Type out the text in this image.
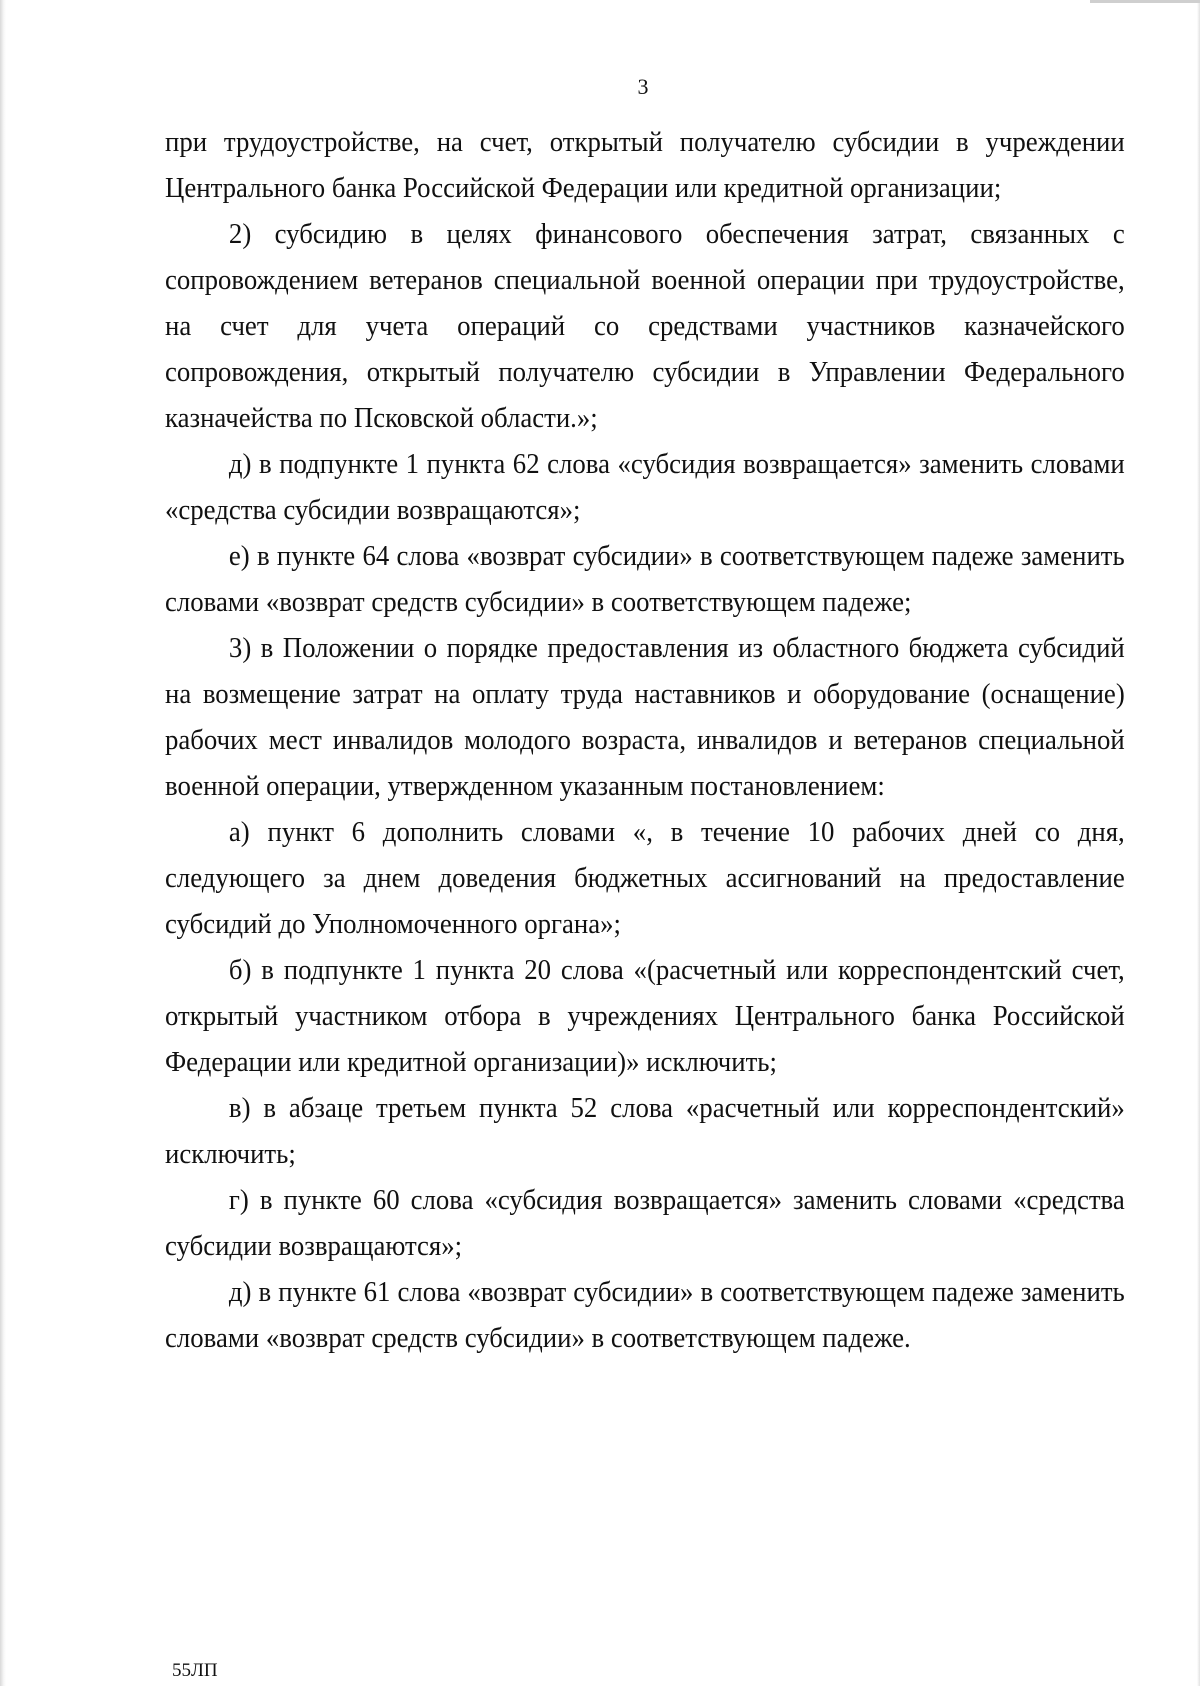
3

при трудоустройстве, на счет, открытый получателю субсидии в учреждении Центрального банка Российской Федерации или кредитной организации;

2) субсидию в целях финансового обеспечения затрат, связанных с сопровождением ветеранов специальной военной операции при трудоустройстве, на счет для учета операций со средствами участников казначейского сопровождения, открытый получателю субсидии в Управлении Федерального казначейства по Псковской области.»;

д) в подпункте 1 пункта 62 слова «субсидия возвращается» заменить словами «средства субсидии возвращаются»;

е) в пункте 64 слова «возврат субсидии» в соответствующем падеже заменить словами «возврат средств субсидии» в соответствующем падеже;

3) в Положении о порядке предоставления из областного бюджета субсидий на возмещение затрат на оплату труда наставников и оборудование (оснащение) рабочих мест инвалидов молодого возраста, инвалидов и ветеранов специальной военной операции, утвержденном указанным постановлением:

а) пункт 6 дополнить словами «, в течение 10 рабочих дней со дня, следующего за днем доведения бюджетных ассигнований на предоставление субсидий до Уполномоченного органа»;

б) в подпункте 1 пункта 20 слова «(расчетный или корреспондентский счет, открытый участником отбора в учреждениях Центрального банка Российской Федерации или кредитной организации)» исключить;

в) в абзаце третьем пункта 52 слова «расчетный или корреспондентский» исключить;

г) в пункте 60 слова «субсидия возвращается» заменить словами «средства субсидии возвращаются»;

д) в пункте 61 слова «возврат субсидии» в соответствующем падеже заменить словами «возврат средств субсидии» в соответствующем падеже.

55ЛП
